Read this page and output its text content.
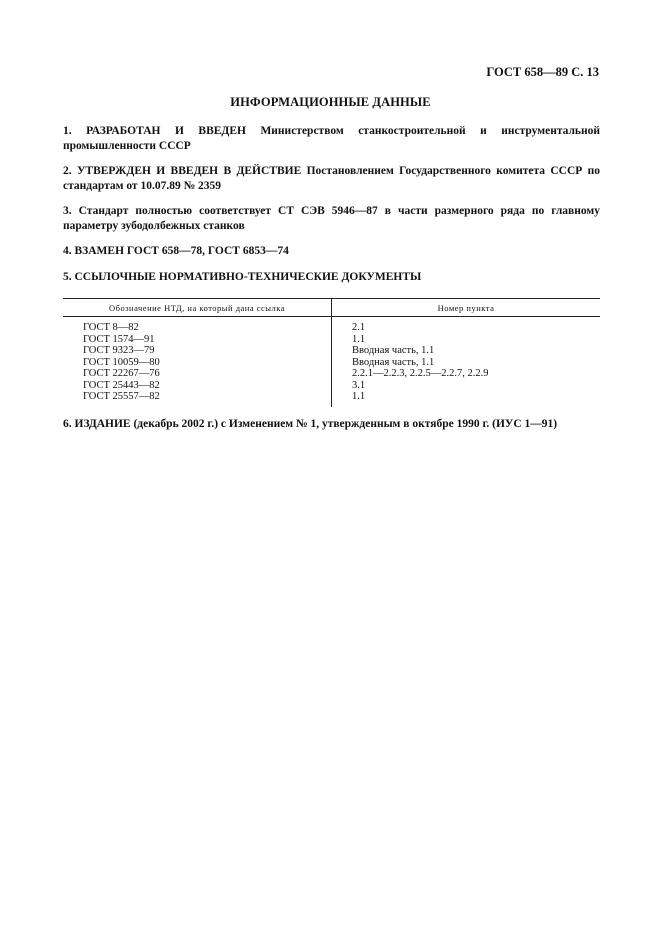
ГОСТ 658—89 С. 13
ИНФОРМАЦИОННЫЕ ДАННЫЕ
1. РАЗРАБОТАН И ВВЕДЕН Министерством станкостроительной и инструментальной промышленности СССР
2. УТВЕРЖДЕН И ВВЕДЕН В ДЕЙСТВИЕ Постановлением Государственного комитета СССР по стандартам от 10.07.89 № 2359
3. Стандарт полностью соответствует СТ СЭВ 5946—87 в части размерного ряда по главному параметру зубодолбежных станков
4. ВЗАМЕН ГОСТ 658—78, ГОСТ 6853—74
5. ССЫЛОЧНЫЕ НОРМАТИВНО-ТЕХНИЧЕСКИЕ ДОКУМЕНТЫ
Обозначение НТД, на который дана ссылка	Номер пункта
ГОСТ 8—82	2.1
ГОСТ 1574—91	1.1
ГОСТ 9323—79	Вводная часть, 1.1
ГОСТ 10059—80	Вводная часть, 1.1
ГОСТ 22267—76	2.2.1—2.2.3, 2.2.5—2.2.7, 2.2.9
ГОСТ 25443—82	3.1
ГОСТ 25557—82	1.1
6. ИЗДАНИЕ (декабрь 2002 г.) с Изменением № 1, утвержденным в октябре 1990 г. (ИУС 1—91)
